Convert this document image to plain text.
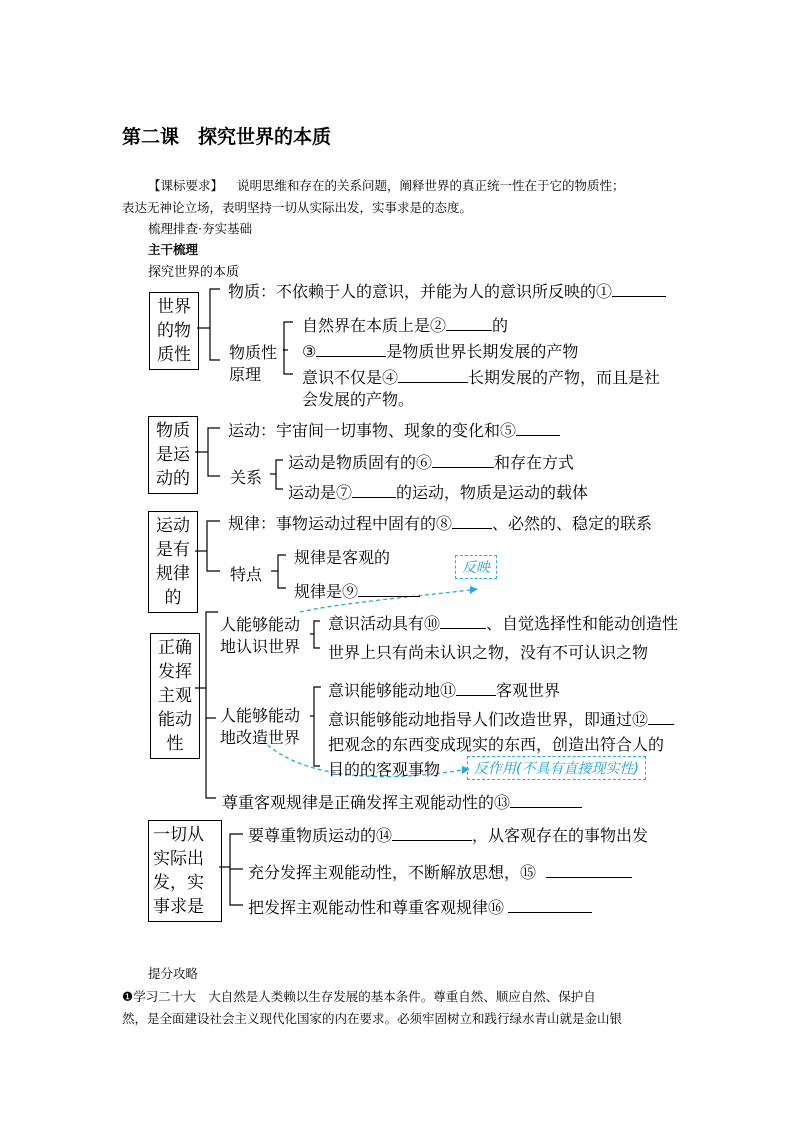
第二课　探究世界的本质
【课标要求】 说明思维和存在的关系问题，阐释世界的真正统一性在于它的物质性；
表达无神论立场，表明坚持一切从实际出发，实事求是的态度。
梳理排查·夯实基础
主干梳理
探究世界的本质
世界的物质性
物质：不依赖于人的意识，并能为人的意识所反映的①
物质性原理
自然界在本质上是②	的
③	是物质世界长期发展的产物
意识不仅是④	长期发展的产物，而且是社
会发展的产物。
物质是运动的
运动：宇宙间一切事物、现象的变化和⑤
关系
运动是物质固有的⑥	和存在方式
运动是⑦	的运动，物质是运动的载体
运动是有规律的
规律：事物运动过程中固有的⑧	、必然的、稳定的联系
特点
规律是客观的
规律是⑨
反映
正确发挥主观能动性
人能够能动
地认识世界
意识活动具有⑩	、自觉选择性和能动创造性
世界上只有尚未认识之物，没有不可认识之物
人能够能动
地改造世界
意识能够能动地⑪	客观世界
意识能够能动地指导人们改造世界，即通过⑫
把观念的东西变成现实的东西，创造出符合人的
目的的客观事物	反作用(不具有直接现实性)
尊重客观规律是正确发挥主观能动性的⑬
一切从实际出发，实事求是
要尊重物质运动的⑭	，从客观存在的事物出发
充分发挥主观能动性，不断解放思想，⑮
把发挥主观能动性和尊重客观规律⑯
提分攻略
❶学习二十大　大自然是人类赖以生存发展的基本条件。尊重自然、顺应自然、保护自
然，是全面建设社会主义现代化国家的内在要求。必须牢固树立和践行绿水青山就是金山银
